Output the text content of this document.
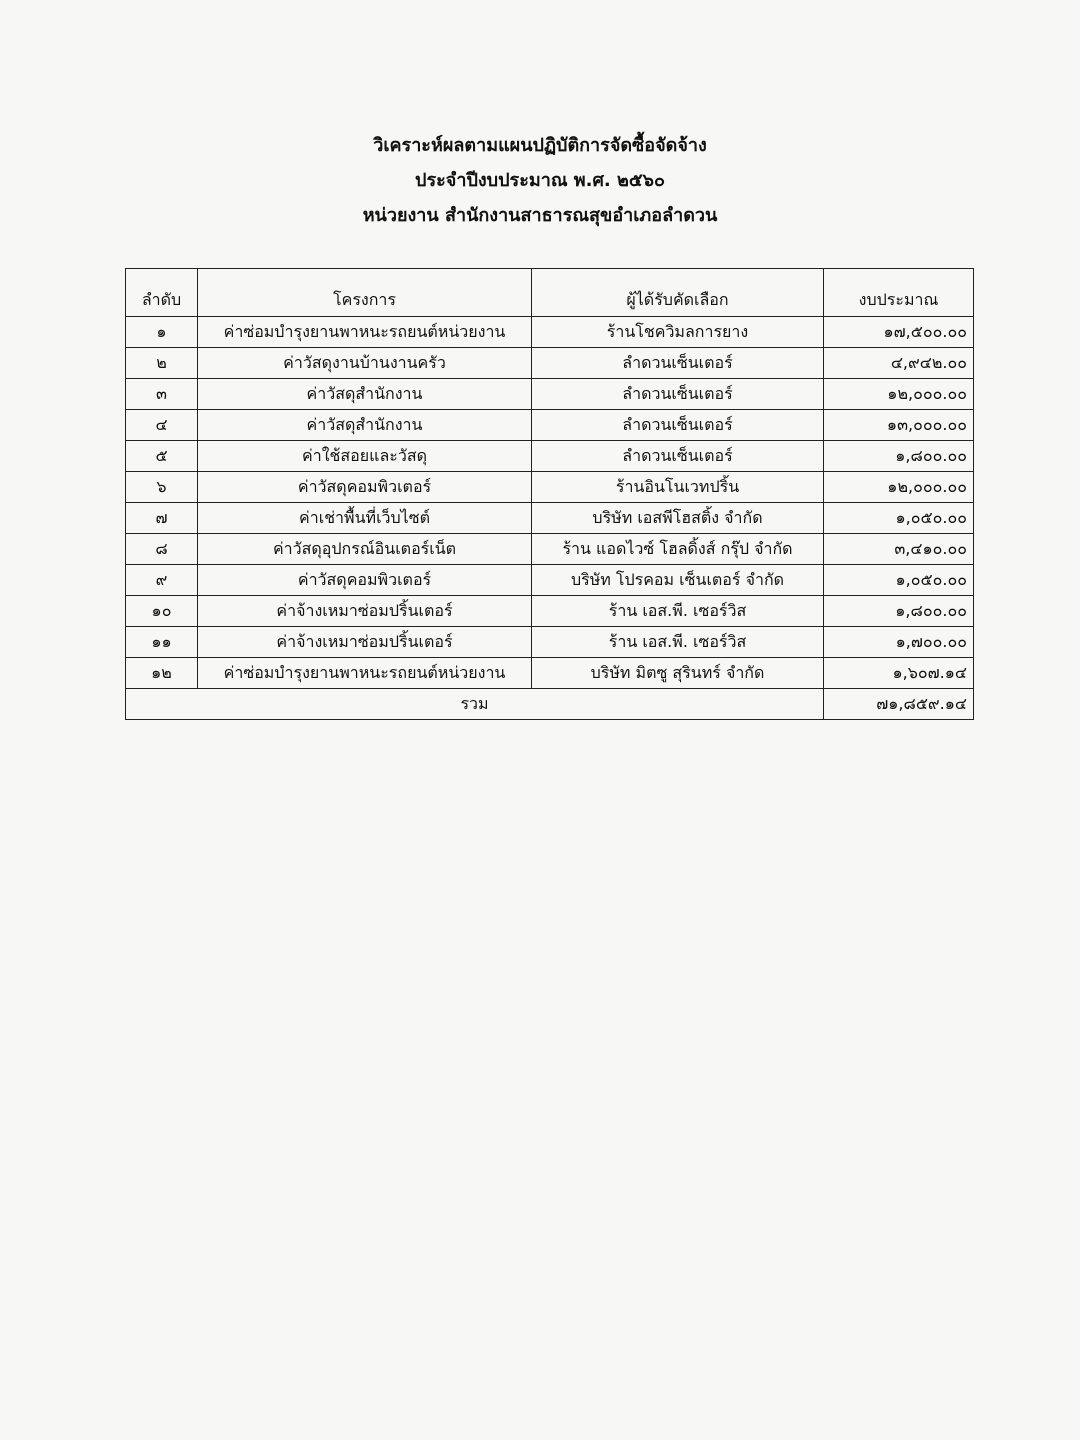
วิเคราะห์ผลตามแผนปฏิบัติการจัดซื้อจัดจ้าง

ประจำปีงบประมาณ พ.ศ. ๒๕๖๐

หน่วยงาน สำนักงานสาธารณสุขอำเภอลำดวน

ลำดับ	โครงการ	ผู้ได้รับคัดเลือก	งบประมาณ
๑	ค่าซ่อมบำรุงยานพาหนะรถยนต์หน่วยงาน	ร้านโชควิมลการยาง	๑๗,๕๐๐.๐๐
๒	ค่าวัสดุงานบ้านงานครัว	ลำดวนเซ็นเตอร์	๔,๙๔๒.๐๐
๓	ค่าวัสดุสำนักงาน	ลำดวนเซ็นเตอร์	๑๒,๐๐๐.๐๐
๔	ค่าวัสดุสำนักงาน	ลำดวนเซ็นเตอร์	๑๓,๐๐๐.๐๐
๕	ค่าใช้สอยและวัสดุ	ลำดวนเซ็นเตอร์	๑,๘๐๐.๐๐
๖	ค่าวัสดุคอมพิวเตอร์	ร้านอินโนเวทปริ้น	๑๒,๐๐๐.๐๐
๗	ค่าเช่าพื้นที่เว็บไซต์	บริษัท เอสพีโฮสติ้ง จำกัด	๑,๐๕๐.๐๐
๘	ค่าวัสดุอุปกรณ์อินเตอร์เน็ต	ร้าน แอดไวซ์ โฮลดิ้งส์ กรุ๊ป จำกัด	๓,๔๑๐.๐๐
๙	ค่าวัสดุคอมพิวเตอร์	บริษัท โปรคอม เซ็นเตอร์ จำกัด	๑,๐๕๐.๐๐
๑๐	ค่าจ้างเหมาซ่อมปริ้นเตอร์	ร้าน เอส.พี. เซอร์วิส	๑,๘๐๐.๐๐
๑๑	ค่าจ้างเหมาซ่อมปริ้นเตอร์	ร้าน เอส.พี. เซอร์วิส	๑,๗๐๐.๐๐
๑๒	ค่าซ่อมบำรุงยานพาหนะรถยนต์หน่วยงาน	บริษัท มิตซู สุรินทร์ จำกัด	๑,๖๐๗.๑๔
รวม			๗๑,๘๕๙.๑๔
